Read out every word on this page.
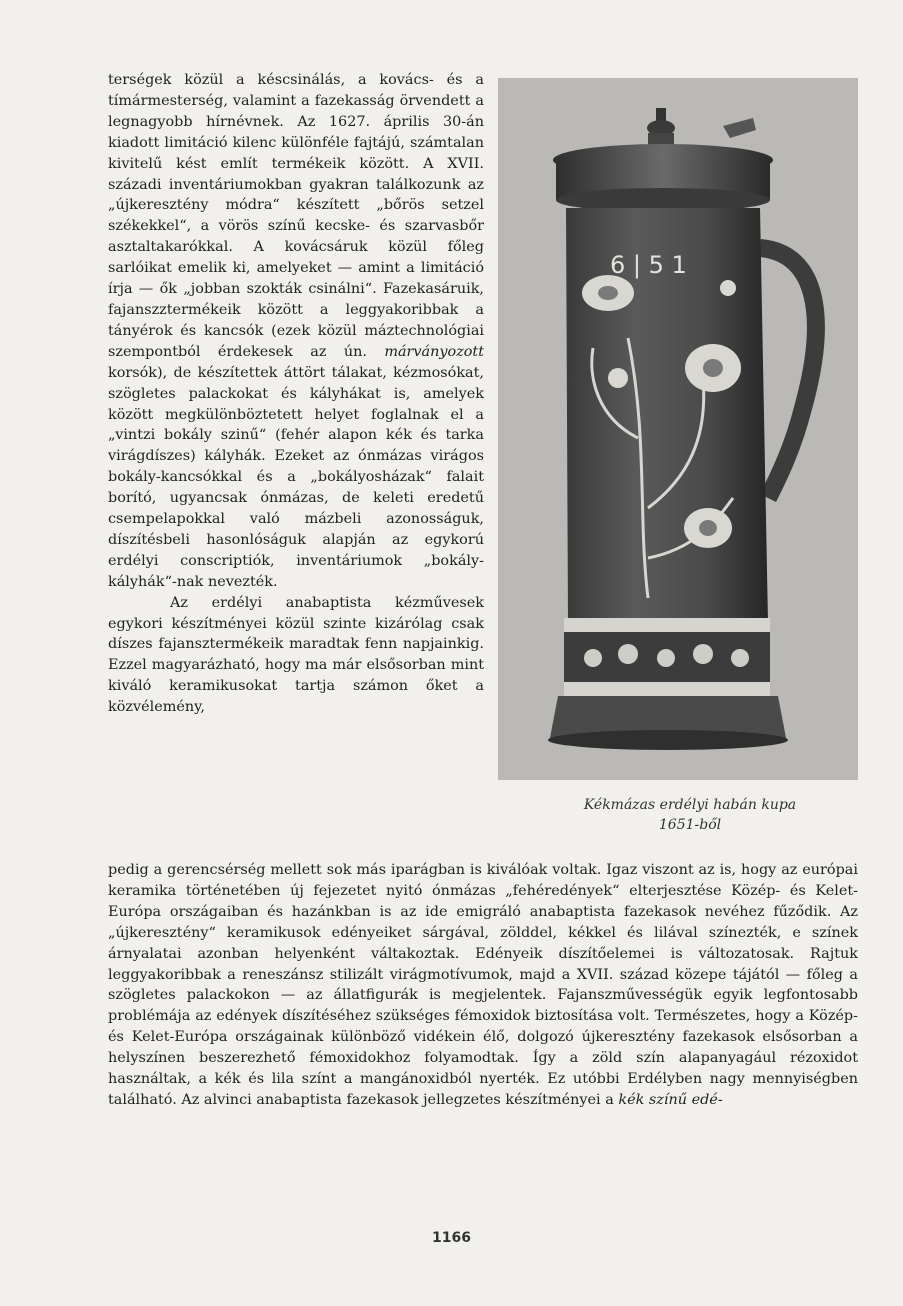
terségek közül a késcsinálás, a kovács- és a tímármesterség, valamint a fazekasság örvendett a legnagyobb hírnévnek. Az 1627. április 30-án kiadott limitáció kilenc különféle fajtájú, számtalan kivitelű kést említ termékeik között. A XVII. századi inventáriumokban gyakran találkozunk az „újkeresztény módra“ készített „bőrös setzel székekkel“, a vörös színű kecske- és szarvasbőr asztaltakarókkal. A kovácsáruk közül főleg sarlóikat emelik ki, amelyeket — amint a limitáció írja — ők „jobban szokták csinálni“. Fazekasáruik, fajanszztermékeik között a leggyakoribbak a tányérok és kancsók (ezek közül máztechnológiai szempontból érdekesek az ún. márványozott korsók), de készítettek áttört tálakat, kézmosókat, szögletes palackokat és kályhákat is, amelyek között megkülönböztetett helyet foglalnak el a „vintzi bokály szinű“ (fehér alapon kék és tarka virágdíszes) kályhák. Ezeket az ónmázas virágos bokály-kancsókkal és a „bokályosházak“ falait borító, ugyancsak ónmázas, de keleti eredetű csempelapokkal való mázbeli azonosságuk, díszítésbeli hasonlóságuk alapján az egykorú erdélyi conscriptiók, inventáriumok „bokály-kályhák“-nak nevezték.

Az erdélyi anabaptista kézművesek egykori készítményei közül szinte kizárólag csak díszes fajansztermékeik maradtak fenn napjainkig. Ezzel magyarázható, hogy ma már elsősorban mint kiváló keramikusokat tartja számon őket a közvélemény,

6 | 5 1
Kékmázas erdélyi habán kupa
1651-ből

pedig a gerencsérség mellett sok más iparágban is kiválóak voltak. Igaz viszont az is, hogy az európai keramika történetében új fejezetet nyitó ónmázas „fehéredények“ elterjesztése Közép- és Kelet-Európa országaiban és hazánkban is az ide emigráló anabaptista fazekasok nevéhez fűződik. Az „újkeresztény“ keramikusok edényeiket sárgával, zölddel, kékkel és lilával színezték, e színek árnyalatai azonban helyenként váltakoztak. Edényeik díszítőelemei is változatosak. Rajtuk leggyakoribbak a reneszánsz stilizált virágmotívumok, majd a XVII. század közepe tájától — főleg a szögletes palackokon — az állatfigurák is megjelentek. Fajanszművességük egyik legfontosabb problémája az edények díszítéséhez szükséges fémoxidok biztosítása volt. Természetes, hogy a Közép- és Kelet-Európa országainak különböző vidékein élő, dolgozó újkeresztény fazekasok elsősorban a helyszínen beszerezhető fémoxidokhoz folyamodtak. Így a zöld szín alapanyagául rézoxidot használtak, a kék és lila színt a mangánoxidból nyerték. Ez utóbbi Erdélyben nagy mennyiségben található. Az alvinci anabaptista fazekasok jellegzetes készítményei a kék színű edé-

1166
